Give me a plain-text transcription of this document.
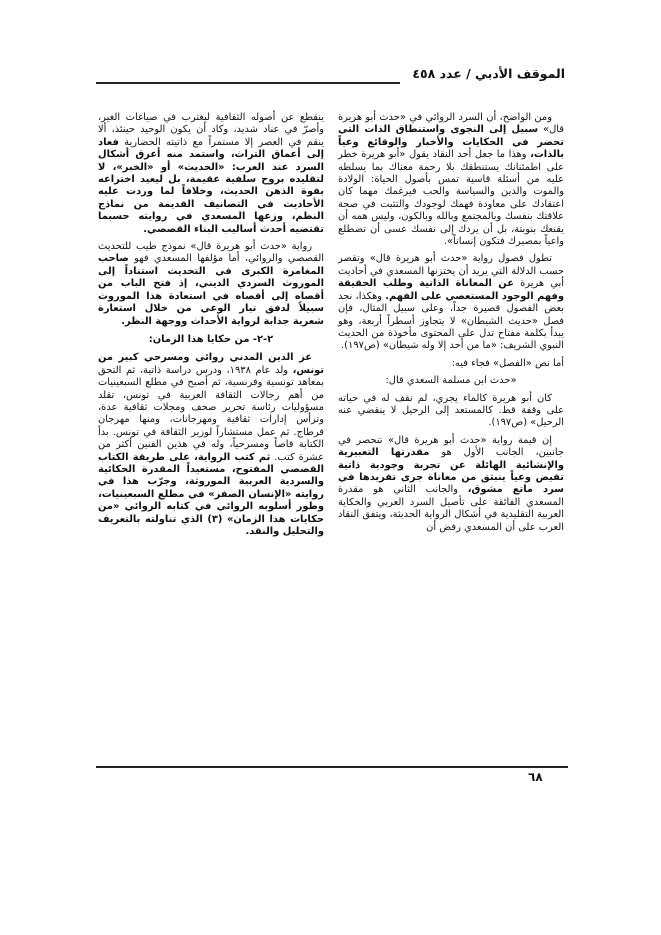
الموقف الأدبي / عدد ٤٥٨

ومن الواضح، أن السرد الروائي في «حدث أبو هريرة قال» سبيل إلى النجوى واستنطاق الذات التي تحضر في الحكايات والأخبار والوقائع وعياً بالذات، وهذا ما جعل أحد النقاد يقول «أبو هريرة خطر على اطمئنانك يستنطقك بلا رحمة معناك بما يسلطه عليه من أسئلة قاسية تمس بأصول الحياة: الولادة والموت والدين والسياسة والحب فيرغمك مهما كان اعتقادك على معاودة فهمك لوجودك والتثبت في صحة علاقتك بنفسك وبالمجتمع وبالله وبالكون، وليس همه أن يقنعك بنوبتة، بل أن يردك إلى نفسك عسى أن تضطلع واعياً بمصيرك فتكون إنساناً».

تطول فصول رواية «حدث أبو هريرة قال» وتقصر حسب الدلالة التي يريد أن يختزنها المسعدي في أحاديث أبي هريرة عن المعاناة الذاتية وطلب الحقيقة وفهم الوجود المستعصي على الفهم. وهكذا، نجد بعض الفصول قصيرة جداً، وعلى سبيل المثال، فإن فصل «حديث الشيطان» لا يتجاوز أسطراً أربعة، وهو يبدأ بكلمة مفتاح تدل على المحتوى مأخوذة من الحديث النبوي الشريف: «ما من أحد إلا وله شيطان» (ص١٩٧).

أما نص «الفصل» فجاء فيه:

«حدث ابن مسلمة السعدي قال:

كان أبو هريرة كالماء يجري، لم نقف له في حياته على وقفة قط. كالمستعد إلى الرحيل لا ينقضي عنه الرحيل» (ص١٩٧).

إن قيمة رواية «حدث أبو هريرة قال» تنحصر في جانبين، الجانب الأول هو مقدرتها التعبيرية والإنشائية الهائلة عن تجربة وجودية ذاتية تفيض وعياً ينبثق من معاناة جرى تفريدها في سرد ماتع مشوق، والجانب الثاني هو مقدرة المسعدي الفائقة على تأصيل السرد العربي والحكاية العربية التقليدية في أشكال الرواية الحديثة، ويتفق النقاد العرب على أن المسعدي رفض أن

ينقطع عن أصوله الثقافية ليغترب في صياغات الغير، وأصرّ في عناد شديد، وكاد أن يكون الوحيد حينئذ، ألا ينقم في العصر إلا مستمراً مع ذاتيته الحضارية فعاد إلى أعماق التراث، واستمد منه أعرق أشكال السرد عند العرب: «الحديث» أو «الخبر»، لا لتقليده بروح سلفية عقيمة، بل ليعيد اختراعه بقوة الذهن الحديث، وخلافاً لما وردت عليه الأحاديث في التصانيف القديمة من نماذج النظم، وزعها المسعدي في روايته حسبما تقتضيه أحدث أساليب البناء القصصي.

رواية «حدث أبو هريرة قال» نموذج طيب للتحديث القصصي والروائي، أما مؤلفها المسعدي فهو صاحب المغامرة الكبرى في التحديث استناداً إلى الموروث السردي الديني، إذ فتح الباب من أقصاه إلى أقصاه في استعادة هذا الموروث سبيلاً لدفق تيار الوعي من خلال استعارة شعرية جذابة لرواية الأحداث ووجهة النظر.

٢-٢- من حكايا هذا الزمان:

عز الدين المدني روائي ومسرحي كبير من تونس، ولد عام ١٩٣٨، ودرس دراسة ذاتية، ثم التحق بمعاهد تونسية وفرنسية، ثم أصبح في مطلع السبعينيات من أهم رجالات الثقافة العربية في تونس، تقلد مسؤوليات رئاسة تحرير صحف ومجلات ثقافية عدة، وترأس إدارات ثقافية ومهرجانات، ومنها مهرجان قرطاج. ثم عمل مستشاراً لوزير الثقافة في تونس. بدأ الكتابة قاصاً ومسرحياً، وله في هذين الفنين أكثر من عشرة كتب. ثم كتب الرواية، على طريقة الكتاب القصصي المفتوح، مستعيداً المقدرة الحكائية والسردية العربية الموروثة، وجرّب هذا في روايته «الإنسان الصفر» في مطلع السبعينيات، وطور أسلوبه الروائي في كتابه الروائي «من حكايات هذا الزمان» (٣) الذي تناولته بالتعريف والتحليل والنقد.

٦٨
